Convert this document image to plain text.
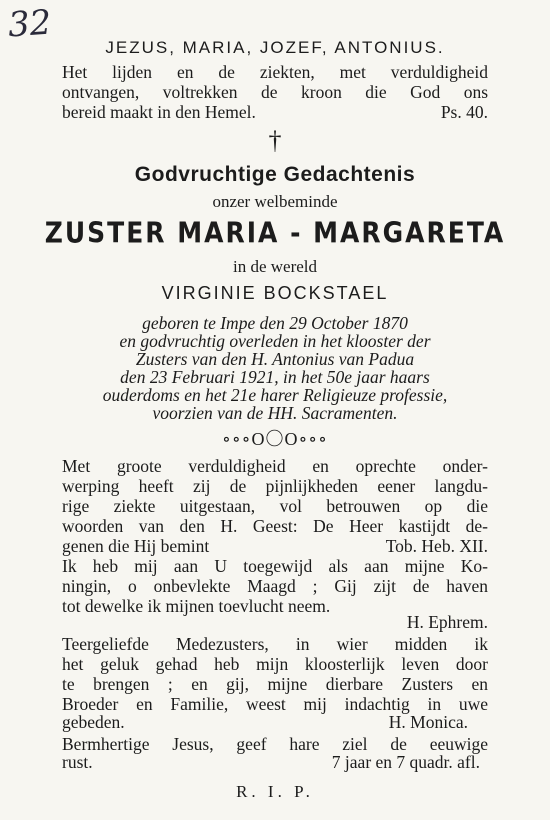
32
JEZUS, MARIA, JOZEF, ANTONIUS.
Het lijden en de ziekten, met verduldigheid
ontvangen, voltrekken de kroon die God ons
bereid maakt in den Hemel.	Ps. 40.
†
Godvruchtige Gedachtenis
onzer welbeminde
ZUSTER MARIA - MARGARETA
in de wereld
VIRGINIE BOCKSTAEL
geboren te Impe den 29 October 1870
en godvruchtig overleden in het klooster der
Zusters van den H. Antonius van Padua
den 23 Februari 1921, in het 50e jaar haars
ouderdoms en het 21e harer Religieuze professie,
voorzien van de HH. Sacramenten.
∘∘∘O〇O∘∘∘
Met groote verduldigheid en oprechte onder-
werping heeft zij de pijnlijkheden eener langdu-
rige ziekte uitgestaan, vol betrouwen op die
woorden van den H. Geest: De Heer kastijdt de-
genen die Hij bemint	Tob. Heb. XII.
Ik heb mij aan U toegewijd als aan mijne Ko-
ningin, o onbevlekte Maagd ; Gij zijt de haven
tot dewelke ik mijnen toevlucht neem.
H. Ephrem.
Teergeliefde Medezusters, in wier midden ik
het geluk gehad heb mijn kloosterlijk leven door
te brengen ; en gij, mijne dierbare Zusters en
Broeder en Familie, weest mij indachtig in uwe
gebeden.	H. Monica.
Bermhertige Jesus, geef hare ziel de eeuwige
rust.	7 jaar en 7 quadr. afl.
R. I. P.
